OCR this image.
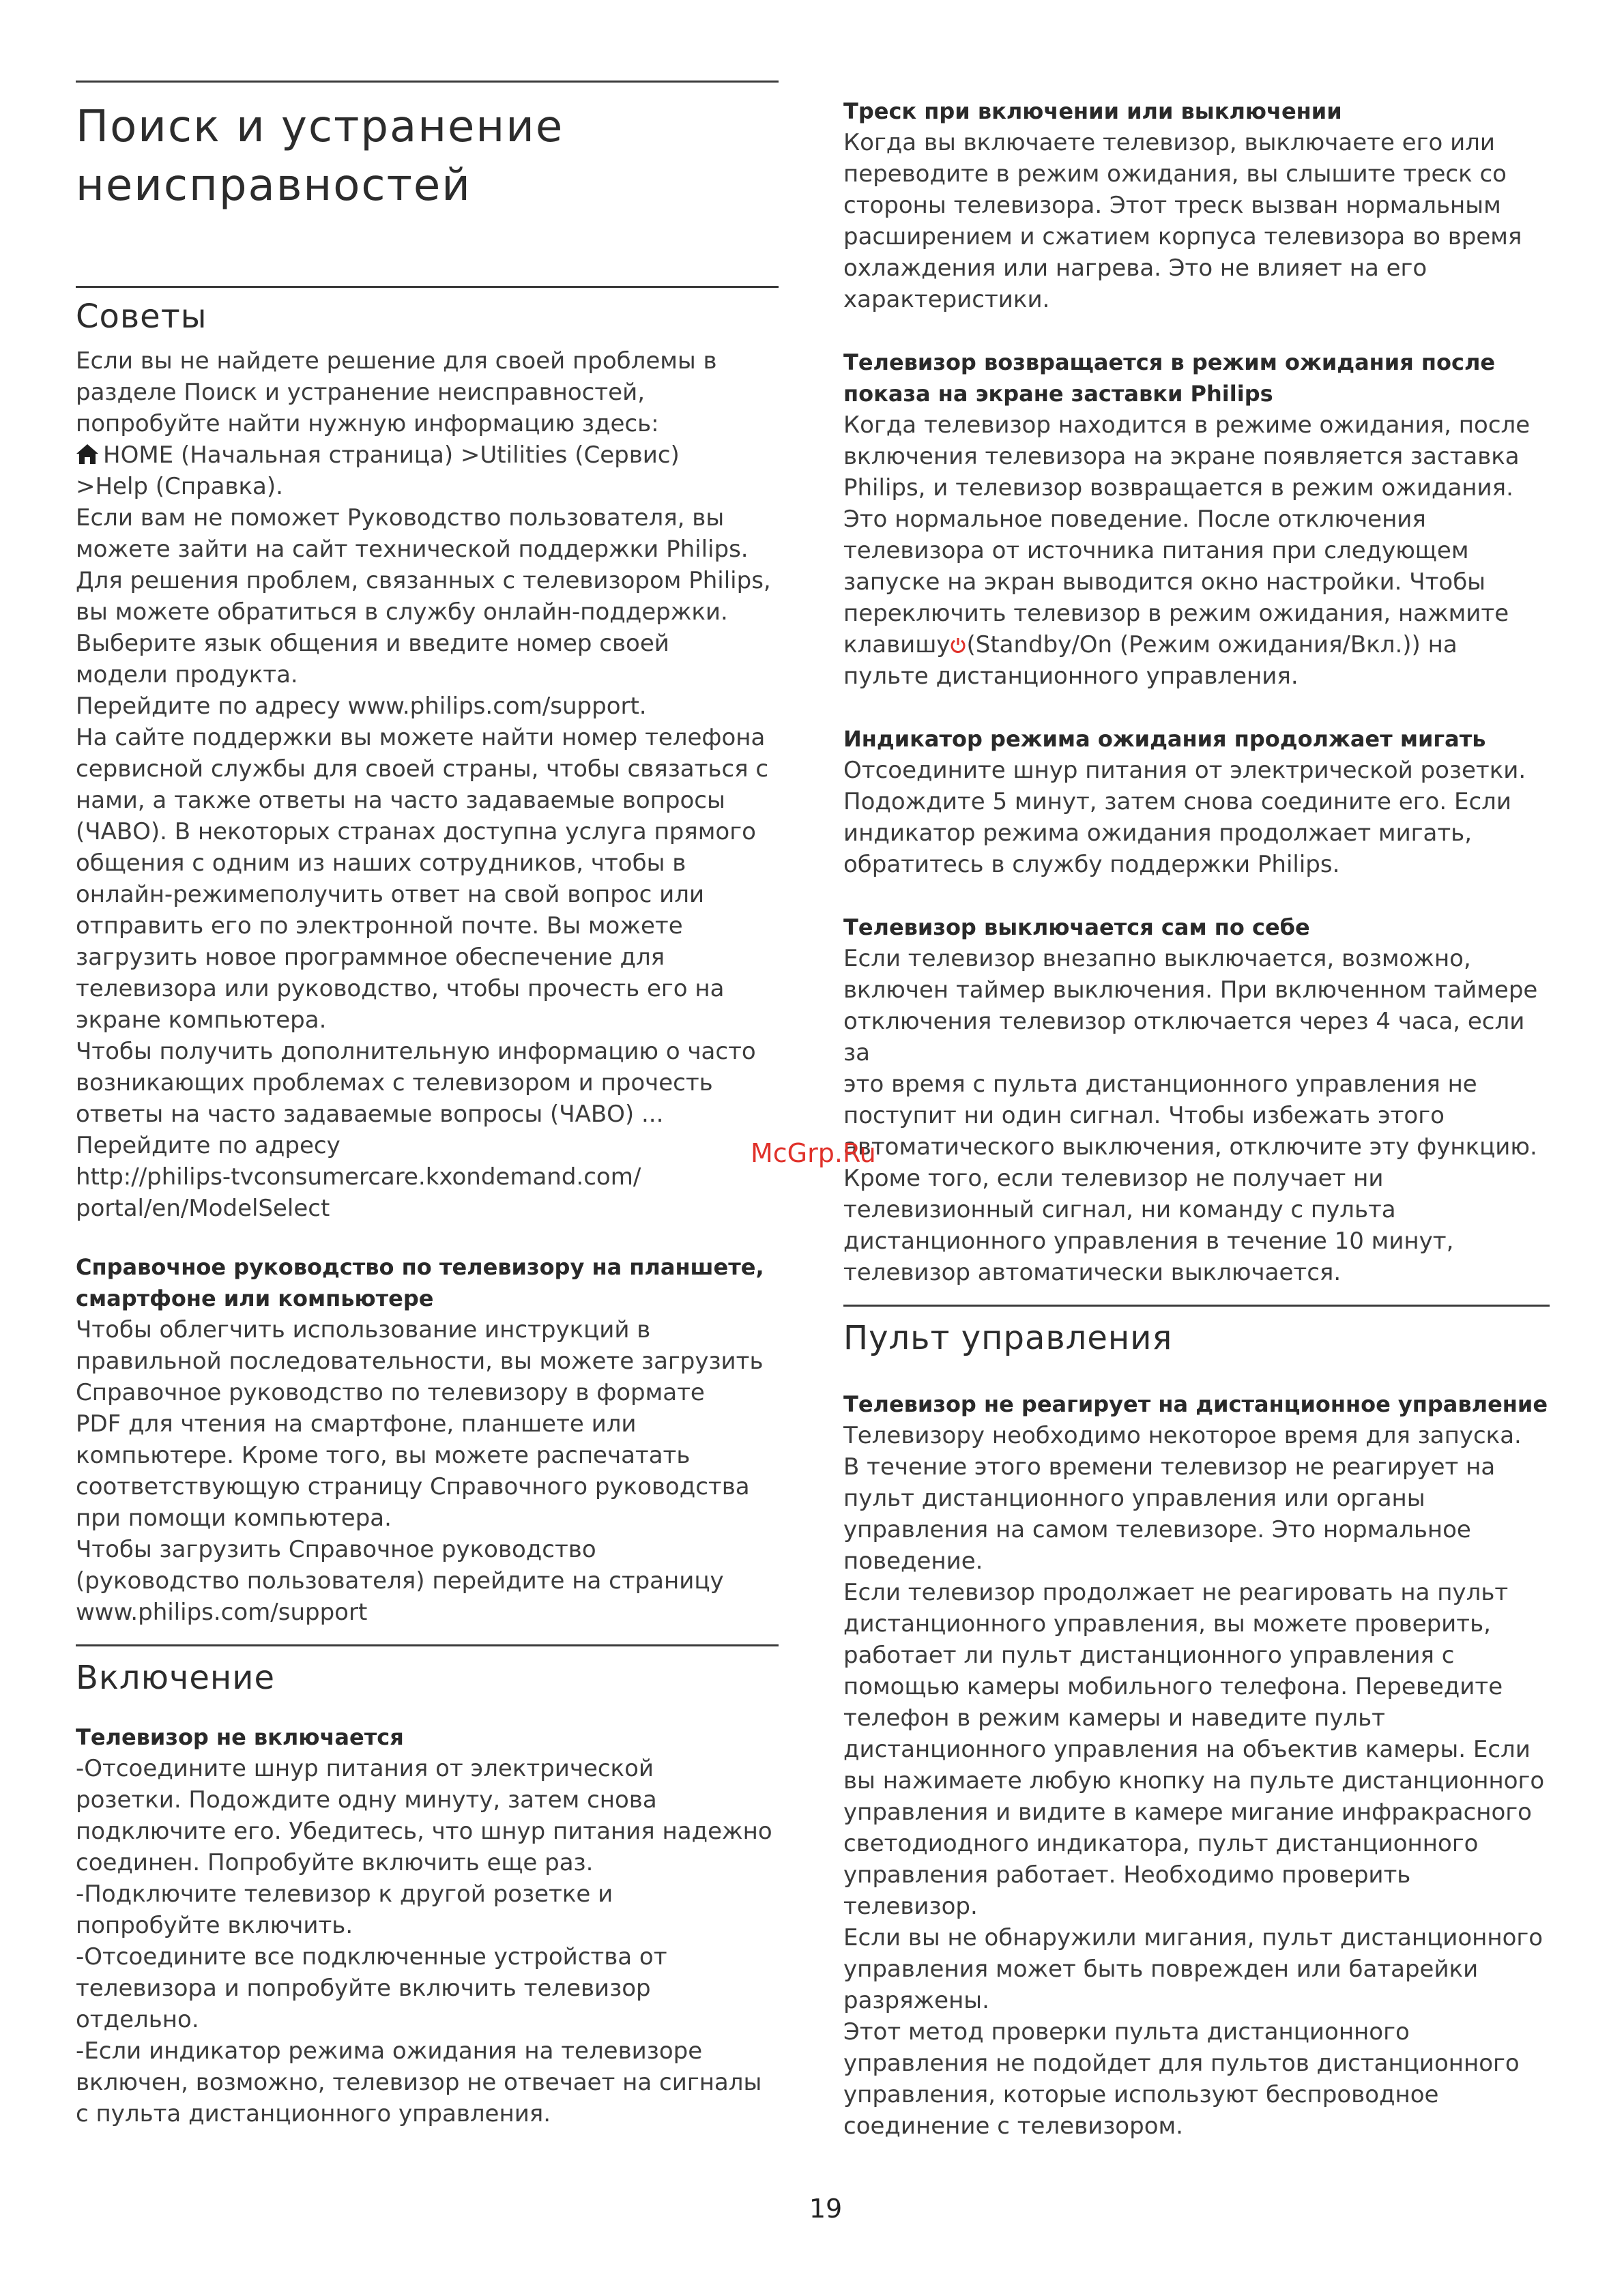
Поиск и устранение
неисправностей
Советы
Если вы не найдете решение для своей проблемы в
разделе Поиск и устранение неисправностей,
попробуйте найти нужную информацию здесь:
HOME (Начальная страница) >Utilities (Сервис)
>Help (Справка).
Если вам не поможет Руководство пользователя, вы
можете зайти на сайт технической поддержки Philips.
Для решения проблем, связанных с телевизором Philips,
вы можете обратиться в службу онлайн-поддержки.
Выберите язык общения и введите номер своей
модели продукта.
Перейдите по адресу www.philips.com/support.
На сайте поддержки вы можете найти номер телефона
сервисной службы для своей страны, чтобы связаться с
нами, а также ответы на часто задаваемые вопросы
(ЧАВО). В некоторых странах доступна услуга прямого
общения с одним из наших сотрудников, чтобы в
онлайн-режимеполучить ответ на свой вопрос или
отправить его по электронной почте. Вы можете
загрузить новое программное обеспечение для
телевизора или руководство, чтобы прочесть его на
экране компьютера.
Чтобы получить дополнительную информацию о часто
возникающих проблемах с телевизором и прочесть
ответы на часто задаваемые вопросы (ЧАВО) ...
Перейдите по адресу
http://philips-tvconsumercare.kxondemand.com/
portal/en/ModelSelect
Справочное руководство по телевизору на планшете,
смартфоне или компьютере
Чтобы облегчить использование инструкций в
правильной последовательности, вы можете загрузить
Справочное руководство по телевизору в формате
PDF для чтения на смартфоне, планшете или
компьютере. Кроме того, вы можете распечатать
соответствующую страницу Справочного руководства
при помощи компьютера.
Чтобы загрузить Справочное руководство
(руководство пользователя) перейдите на страницу
www.philips.com/support
Включение
Телевизор не включается
-Отсоедините шнур питания от электрической
розетки. Подождите одну минуту, затем снова
подключите его. Убедитесь, что шнур питания надежно
соединен. Попробуйте включить еще раз.
-Подключите телевизор к другой розетке и
попробуйте включить.
-Отсоедините все подключенные устройства от
телевизора и попробуйте включить телевизор
отдельно.
-Если индикатор режима ожидания на телевизоре
включен, возможно, телевизор не отвечает на сигналы
с пульта дистанционного управления.
Треск при включении или выключении
Когда вы включаете телевизор, выключаете его или
переводите в режим ожидания, вы слышите треск со
стороны телевизора. Этот треск вызван нормальным
расширением и сжатием корпуса телевизора во время
охлаждения или нагрева. Это не влияет на его
характеристики.
Телевизор возвращается в режим ожидания после
показа на экране заставки Philips
Когда телевизор находится в режиме ожидания, после
включения телевизора на экране появляется заставка
Philips, и телевизор возвращается в режим ожидания.
Это нормальное поведение. После отключения
телевизора от источника питания при следующем
запуске на экран выводится окно настройки. Чтобы
переключить телевизор в режим ожидания, нажмите
клавишу (Standby/On (Режим ожидания/Вкл.)) на
пульте дистанционного управления.
Индикатор режима ожидания продолжает мигать
Отсоедините шнур питания от электрической розетки.
Подождите 5 минут, затем снова соедините его. Если
индикатор режима ожидания продолжает мигать,
обратитесь в службу поддержки Philips.
Телевизор выключается сам по себе
Если телевизор внезапно выключается, возможно,
включен таймер выключения. При включенном таймере
отключения телевизор отключается через 4 часа, если за
это время с пульта дистанционного управления не
поступит ни один сигнал. Чтобы избежать этого
автоматического выключения, отключите эту функцию.
Кроме того, если телевизор не получает ни
телевизионный сигнал, ни команду с пульта
дистанционного управления в течение 10 минут,
телевизор автоматически выключается.
Пульт управления
Телевизор не реагирует на дистанционное управление
Телевизору необходимо некоторое время для запуска.
В течение этого времени телевизор не реагирует на
пульт дистанционного управления или органы
управления на самом телевизоре. Это нормальное
поведение.
Если телевизор продолжает не реагировать на пульт
дистанционного управления, вы можете проверить,
работает ли пульт дистанционного управления с
помощью камеры мобильного телефона. Переведите
телефон в режим камеры и наведите пульт
дистанционного управления на объектив камеры. Если
вы нажимаете любую кнопку на пульте дистанционного
управления и видите в камере мигание инфракрасного
светодиодного индикатора, пульт дистанционного
управления работает. Необходимо проверить
телевизор.
Если вы не обнаружили мигания, пульт дистанционного
управления может быть поврежден или батарейки
разряжены.
Этот метод проверки пульта дистанционного
управления не подойдет для пультов дистанционного
управления, которые используют беспроводное
соединение с телевизором.
McGrp.Ru
19
